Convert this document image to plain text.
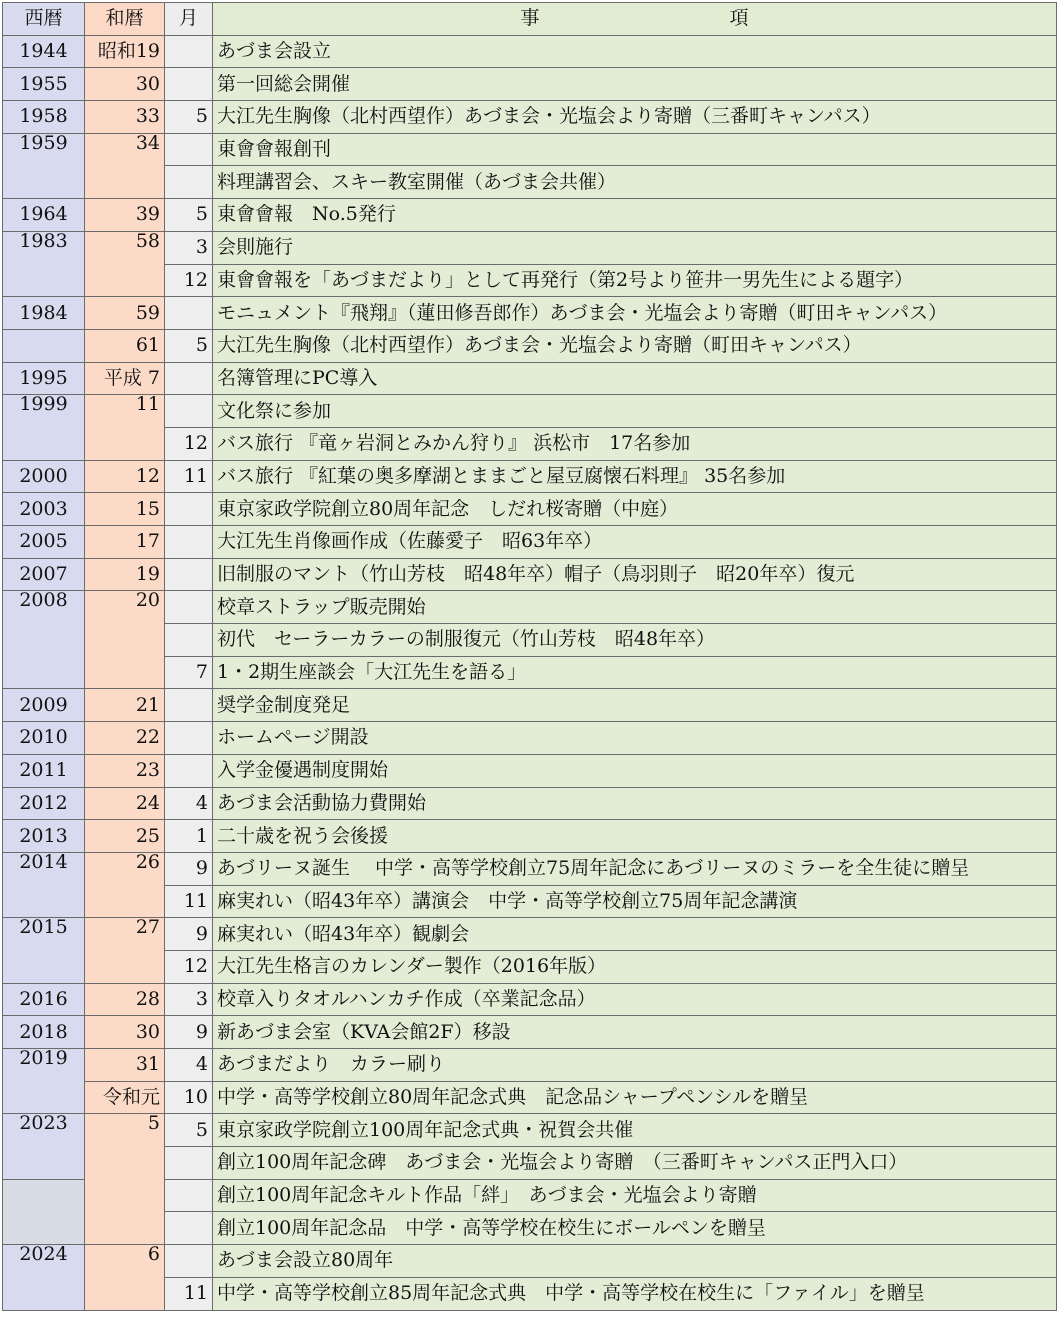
西暦	和暦	月	事　　　　　　　　　　項
1944	昭和19		あづま会設立
1955	30		第一回総会開催
1958	33	5	大江先生胸像（北村西望作）あづま会・光塩会より寄贈（三番町キャンパス）
1959	34		東會會報創刊
			料理講習会、スキー教室開催（あづま会共催）
1964	39	5	東會會報　No.5発行
1983	58	3	会則施行
		12	東會會報を「あづまだより」として再発行（第2号より笹井一男先生による題字）
1984	59		モニュメント『飛翔』（蓮田修吾郎作）あづま会・光塩会より寄贈（町田キャンパス）
	61	5	大江先生胸像（北村西望作）あづま会・光塩会より寄贈（町田キャンパス）
1995	平成 7		名簿管理にPC導入
1999	11		文化祭に参加
		12	バス旅行 『竜ヶ岩洞とみかん狩り』 浜松市　17名参加
2000	12	11	バス旅行 『紅葉の奥多摩湖とままごと屋豆腐懐石料理』 35名参加
2003	15		東京家政学院創立80周年記念　しだれ桜寄贈（中庭）
2005	17		大江先生肖像画作成（佐藤愛子　昭63年卒）
2007	19		旧制服のマント（竹山芳枝　昭48年卒）帽子（鳥羽則子　昭20年卒）復元
2008	20		校章ストラップ販売開始
			初代　セーラーカラーの制服復元（竹山芳枝　昭48年卒）
		7	1・2期生座談会「大江先生を語る」
2009	21		奨学金制度発足
2010	22		ホームページ開設
2011	23		入学金優遇制度開始
2012	24	4	あづま会活動協力費開始
2013	25	1	二十歳を祝う会後援
2014	26	9	あづリーヌ誕生　 中学・高等学校創立75周年記念にあづリーヌのミラーを全生徒に贈呈
		11	麻実れい（昭43年卒）講演会　中学・高等学校創立75周年記念講演
2015	27	9	麻実れい（昭43年卒）観劇会
		12	大江先生格言のカレンダー製作（2016年版）
2016	28	3	校章入りタオルハンカチ作成（卒業記念品）
2018	30	9	新あづま会室（KVA会館2F）移設
2019	31	4	あづまだより　カラー刷り
	令和元	10	中学・高等学校創立80周年記念式典　記念品シャープペンシルを贈呈
2023	5	5	東京家政学院創立100周年記念式典・祝賀会共催
			創立100周年記念碑　あづま会・光塩会より寄贈　（三番町キャンパス正門入口）
			創立100周年記念キルト作品「絆」　あづま会・光塩会より寄贈
			創立100周年記念品　中学・高等学校在校生にボールペンを贈呈
2024	6		あづま会設立80周年
		11	中学・高等学校創立85周年記念式典　中学・高等学校在校生に「ファイル」を贈呈
